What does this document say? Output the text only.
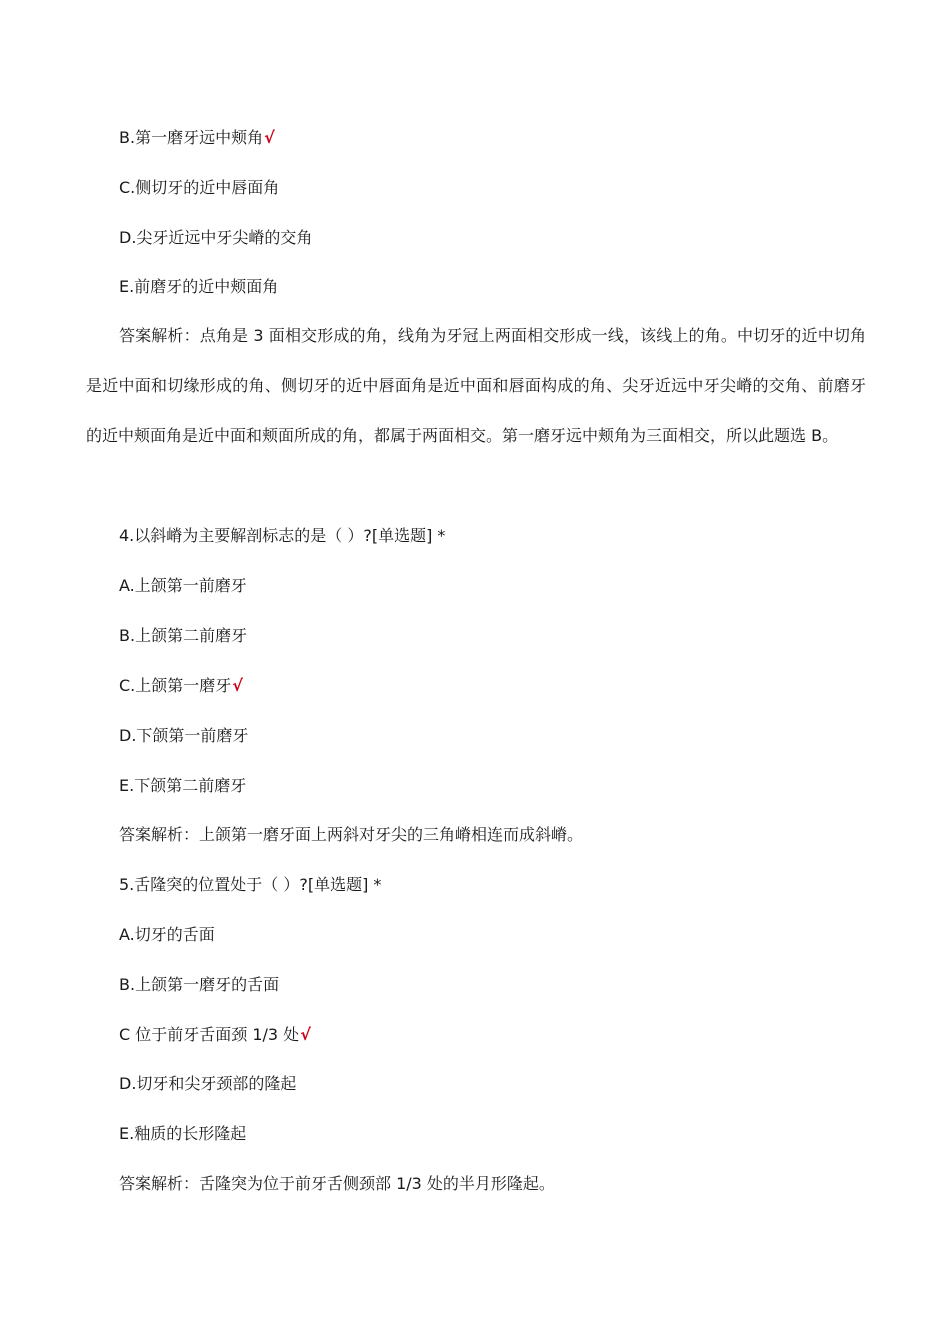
B.第一磨牙远中颊角√
C.侧切牙的近中唇面角
D.尖牙近远中牙尖嵴的交角
E.前磨牙的近中颊面角
答案解析：点角是 3 面相交形成的角，线角为牙冠上两面相交形成一线，该线上的角。中切牙的近中切角是近中面和切缘形成的角、侧切牙的近中唇面角是近中面和唇面构成的角、尖牙近远中牙尖嵴的交角、前磨牙的近中颊面角是近中面和颊面所成的角，都属于两面相交。第一磨牙远中颊角为三面相交，所以此题选 B。
4.以斜嵴为主要解剖标志的是（ ）?[单选题] *
A.上颌第一前磨牙
B.上颌第二前磨牙
C.上颌第一磨牙√
D.下颌第一前磨牙
E.下颌第二前磨牙
答案解析：上颌第一磨牙面上两斜对牙尖的三角嵴相连而成斜嵴。
5.舌隆突的位置处于（ ）?[单选题] *
A.切牙的舌面
B.上颌第一磨牙的舌面
C 位于前牙舌面颈 1/3 处√
D.切牙和尖牙颈部的隆起
E.釉质的长形隆起
答案解析：舌隆突为位于前牙舌侧颈部 1/3 处的半月形隆起。
